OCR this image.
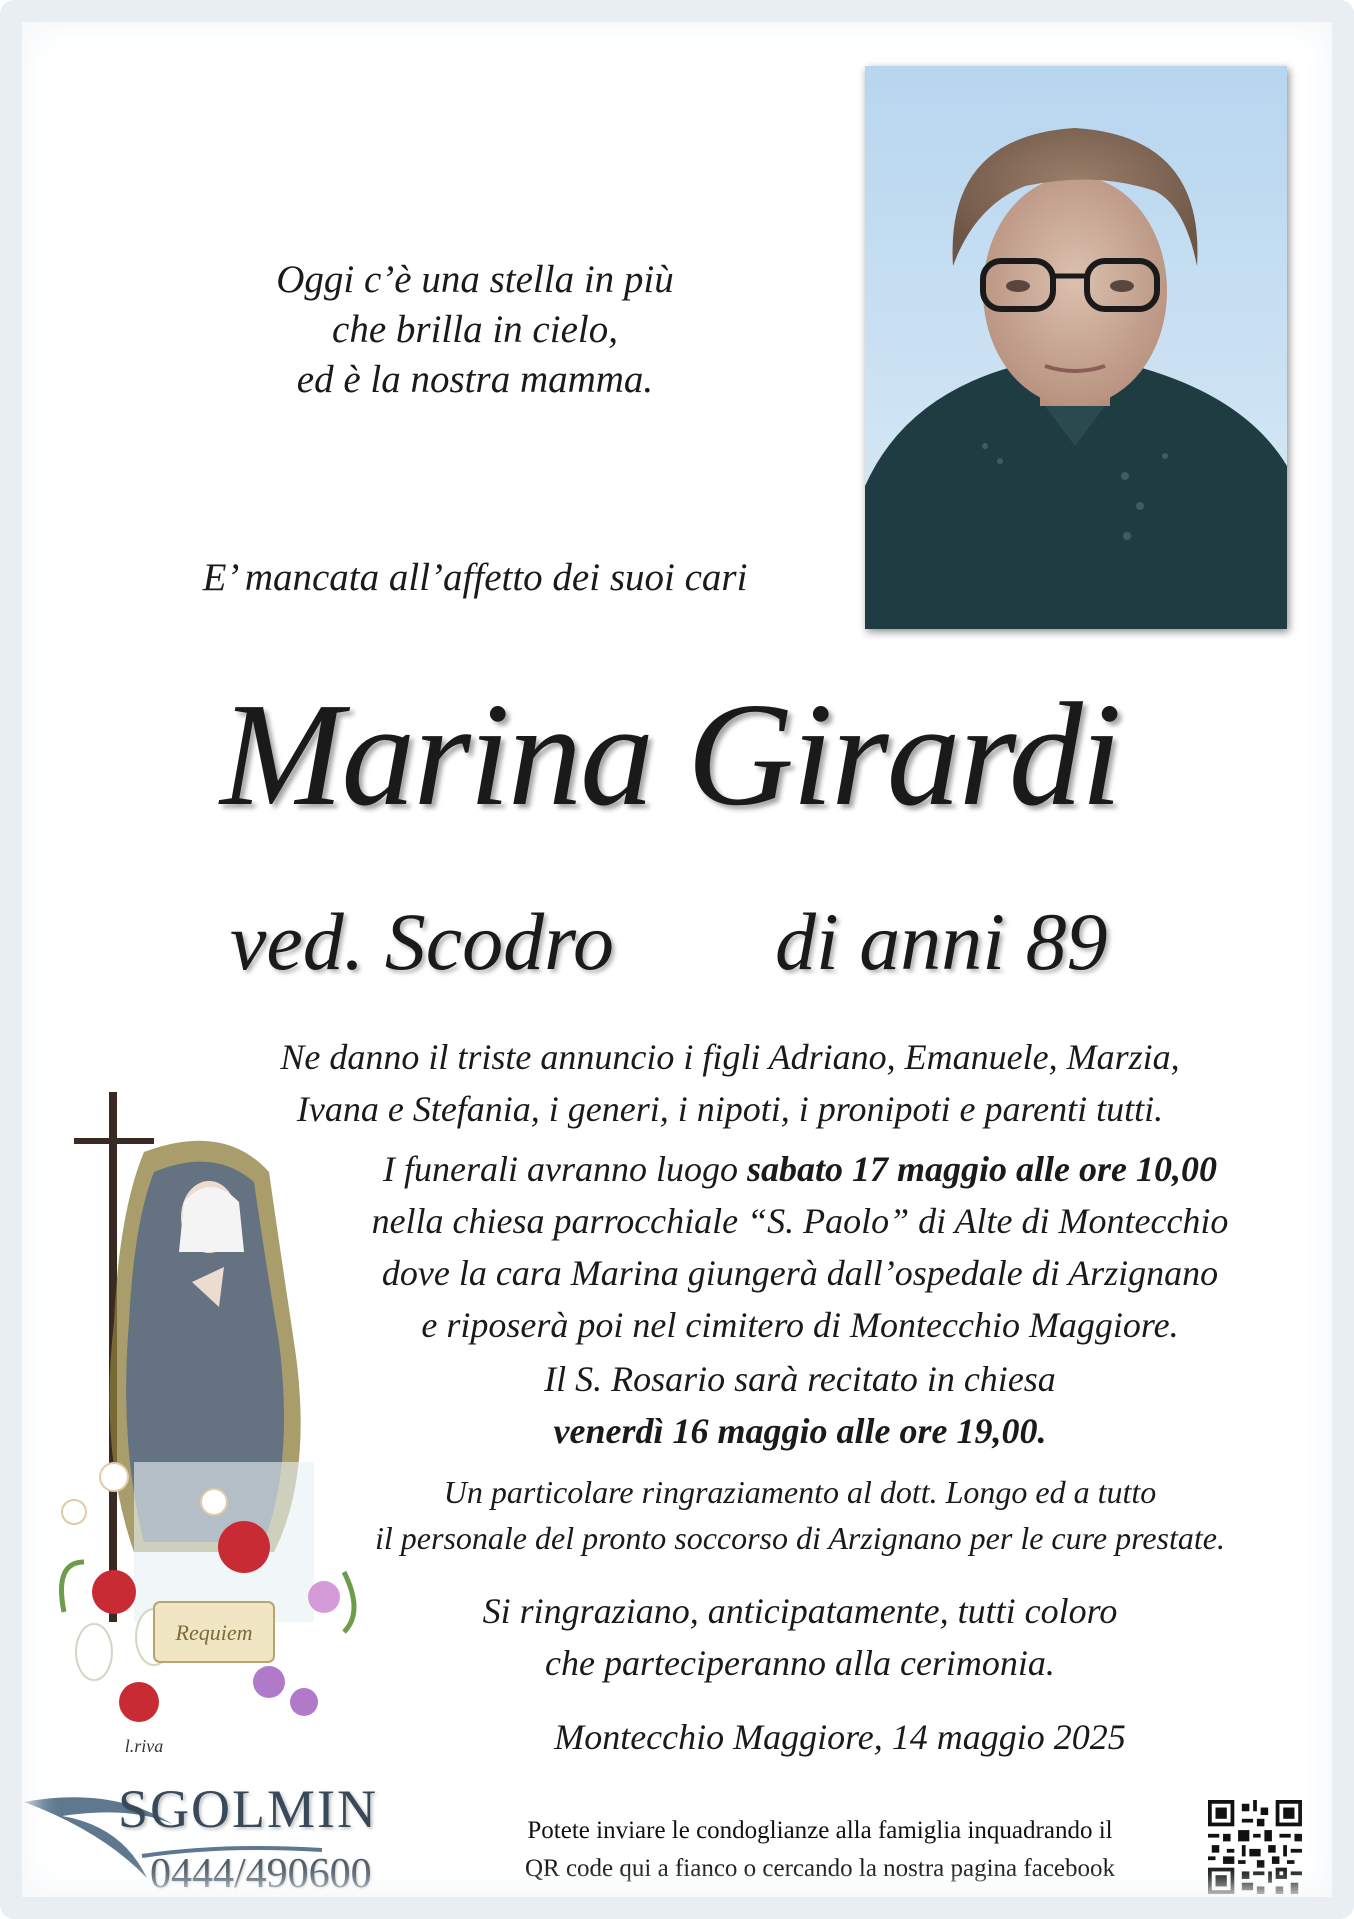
Oggi c’è una stella in più
che brilla in cielo,
ed è la nostra mamma.
E’ mancata all’affetto dei suoi cari
Marina Girardi
ved. Scodro di anni 89
Requiem
l.riva
Ne danno il triste annuncio i figli Adriano, Emanuele, Marzia,
Ivana e Stefania, i generi, i nipoti, i pronipoti e parenti tutti.
I funerali avranno luogo sabato 17 maggio alle ore 10,00
nella chiesa parrocchiale “S. Paolo” di Alte di Montecchio
dove la cara Marina giungerà dall’ospedale di Arzignano
e riposerà poi nel cimitero di Montecchio Maggiore.
Il S. Rosario sarà recitato in chiesa
venerdì 16 maggio alle ore 19,00.
Un particolare ringraziamento al dott. Longo ed a tutto
il personale del pronto soccorso di Arzignano per le cure prestate.
Si ringraziano, anticipatamente, tutti coloro
che parteciperanno alla cerimonia.
Montecchio Maggiore, 14 maggio 2025
SGOLMIN
0444/490600
Potete inviare le condoglianze alla famiglia inquadrando il
QR code qui a fianco o cercando la nostra pagina facebook
